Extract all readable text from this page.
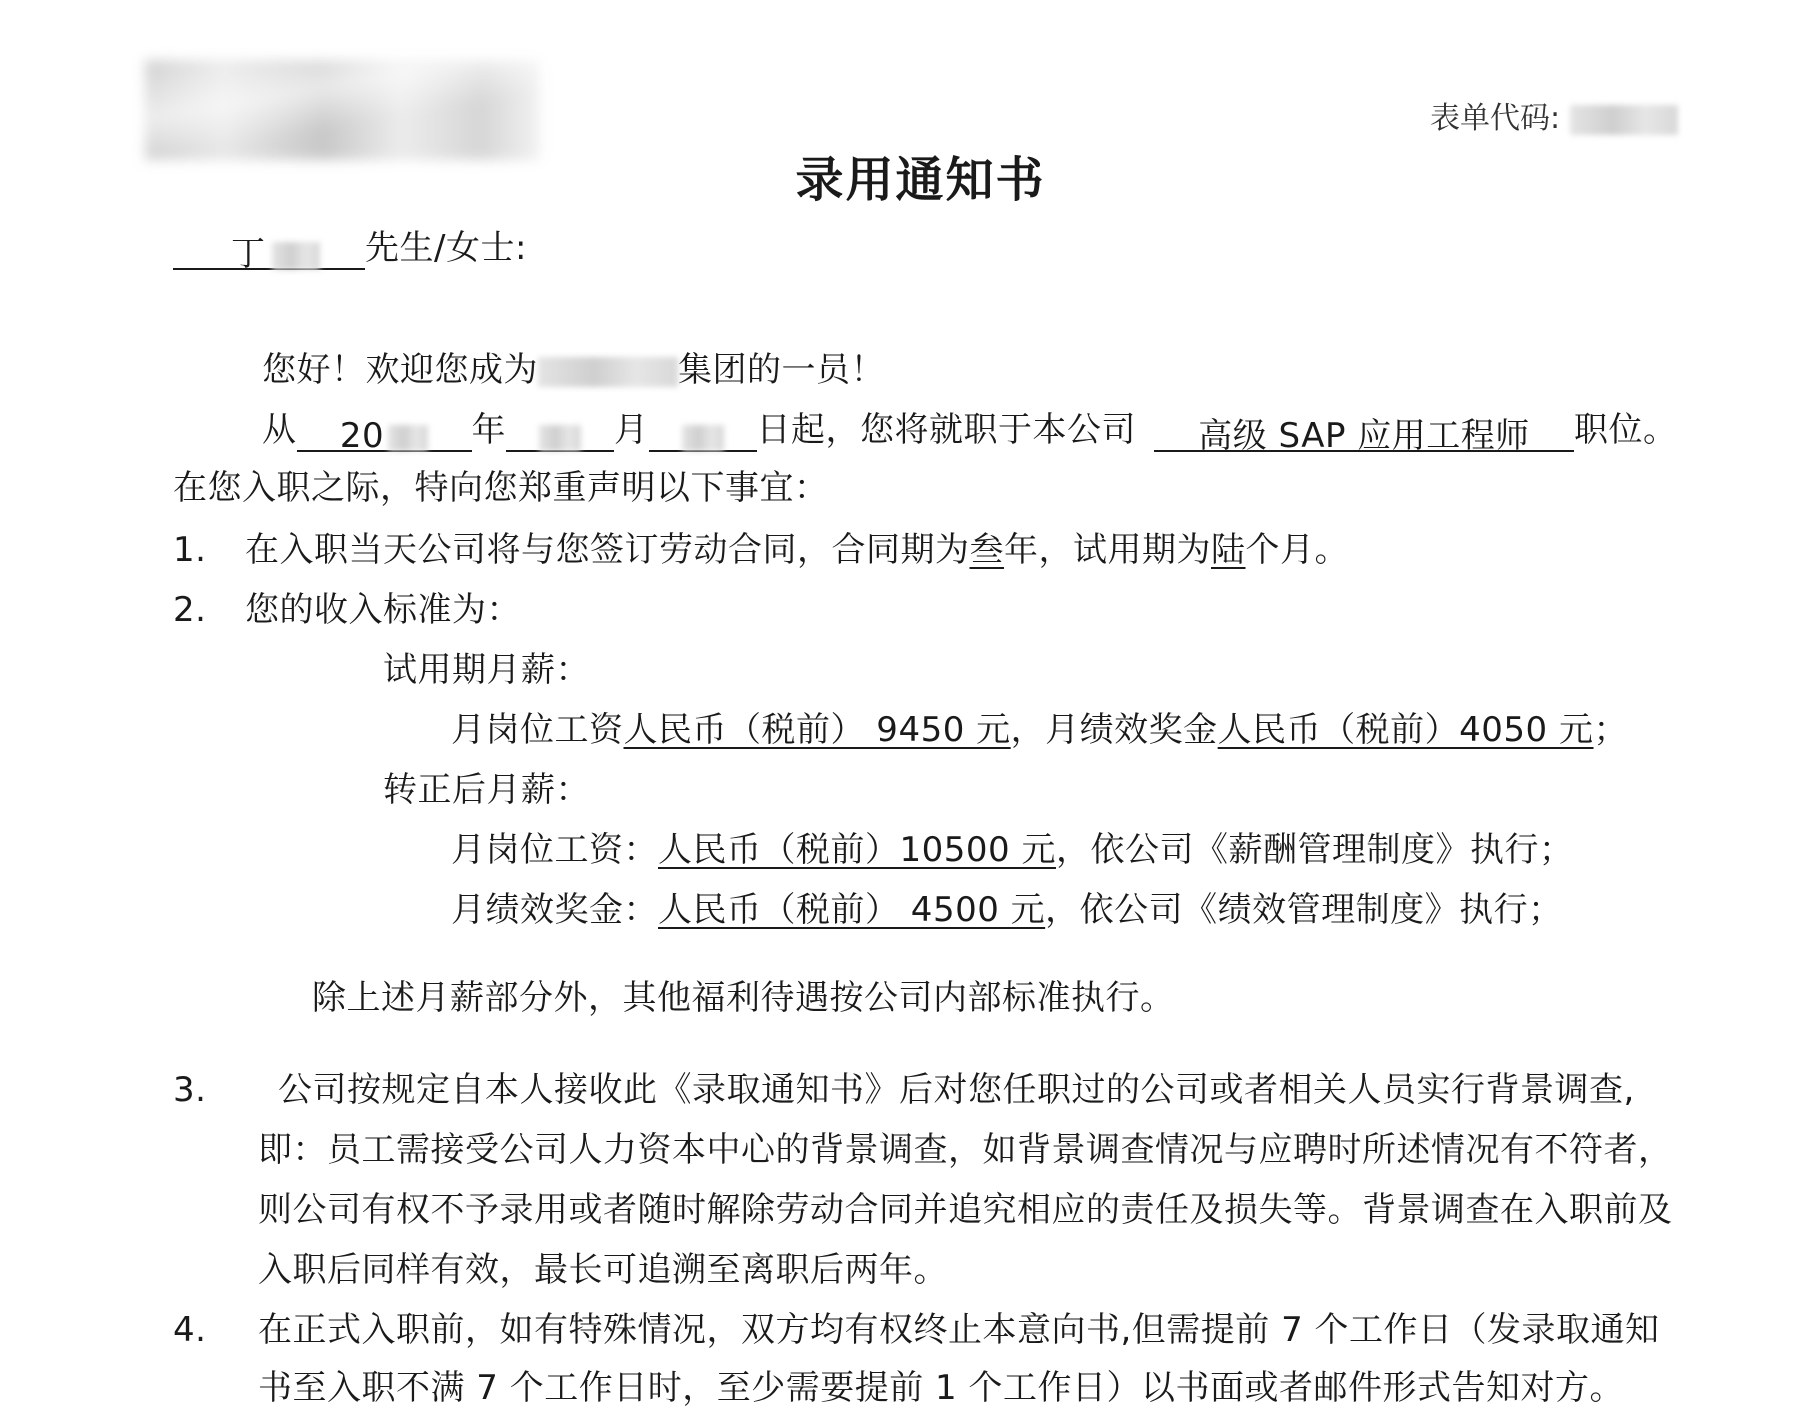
表单代码:
录用通知书
丁	先生/女士:
您好！欢迎您成为	集团的一员！
从 20	年	月	日起，您将就职于本公司 高级 SAP 应用工程师 职位。
在您入职之际，特向您郑重声明以下事宜：
1. 在入职当天公司将与您签订劳动合同，合同期为叁年，试用期为陆个月。
2. 您的收入标准为：
试用期月薪：
月岗位工资人民币（税前） 9450 元，月绩效奖金人民币（税前）4050 元；
转正后月薪：
月岗位工资：人民币（税前）10500 元，依公司《薪酬管理制度》执行；
月绩效奖金：人民币（税前） 4500 元，依公司《绩效管理制度》执行；
除上述月薪部分外，其他福利待遇按公司内部标准执行。
3. 公司按规定自本人接收此《录取通知书》后对您任职过的公司或者相关人员实行背景调查,
即：员工需接受公司人力资本中心的背景调查，如背景调查情况与应聘时所述情况有不符者，
则公司有权不予录用或者随时解除劳动合同并追究相应的责任及损失等。背景调查在入职前及
入职后同样有效，最长可追溯至离职后两年。
4. 在正式入职前，如有特殊情况，双方均有权终止本意向书,但需提前 7 个工作日（发录取通知
书至入职不满 7 个工作日时，至少需要提前 1 个工作日）以书面或者邮件形式告知对方。
